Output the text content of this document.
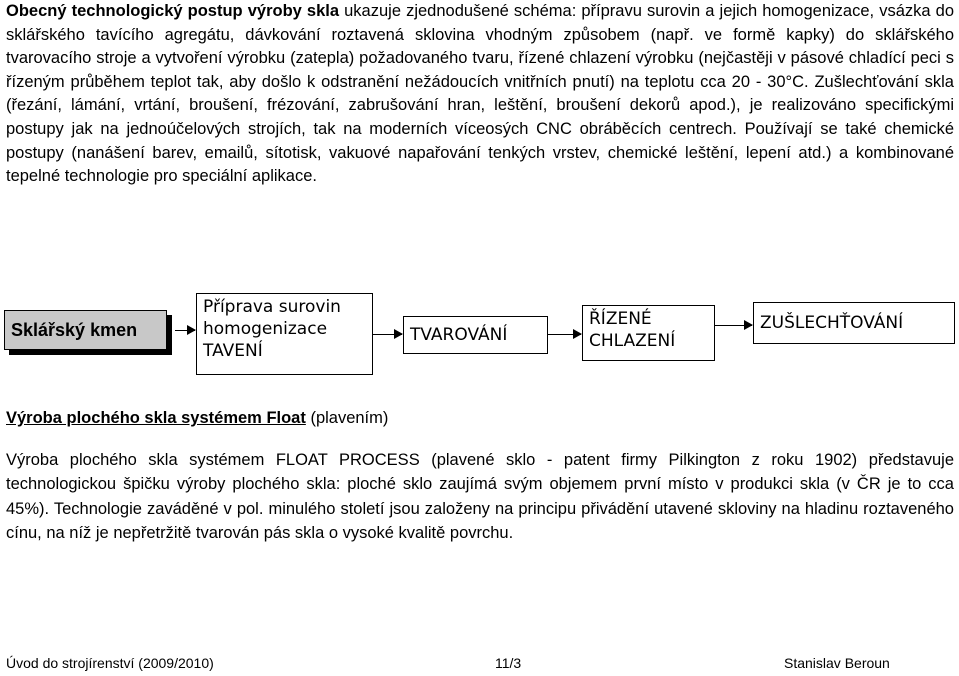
Obecný technologický postup výroby skla ukazuje zjednodušené schéma: přípravu surovin a jejich homogenizace, vsázka do sklářského tavícího agregátu, dávkování roztavená sklovina vhodným způsobem (např. ve formě kapky) do sklářského tvarovacího stroje a vytvoření výrobku (zatepla) požadovaného tvaru, řízené chlazení výrobku (nejčastěji v pásové chladící peci s řízeným průběhem teplot tak, aby došlo k odstranění nežádoucích vnitřních pnutí) na teplotu cca 20 - 30°C. Zušlechťování skla (řezání, lámání, vrtání, broušení, frézování, zabrušování hran, leštění, broušení dekorů apod.), je realizováno specifickými postupy jak na jednoúčelových strojích, tak na moderních víceosých CNC obráběcích centrech. Používají se také chemické postupy (nanášení barev, emailů, sítotisk, vakuové napařování tenkých vrstev, chemické leštění, lepení atd.) a kombinované tepelné technologie pro speciální aplikace.

Sklářský kmen
Příprava surovin
homogenizace
TAVENÍ
TVAROVÁNÍ
ŘÍZENÉ
CHLAZENÍ
ZUŠLECHŤOVÁNÍ

Výroba plochého skla systémem Float (plavením)

Výroba plochého skla systémem FLOAT PROCESS (plavené sklo - patent firmy Pilkington z roku 1902) představuje technologickou špičku výroby plochého skla: ploché sklo zaujímá svým objemem první místo v produkci skla (v ČR je to cca 45%). Technologie zaváděné v pol. minulého století jsou založeny na principu přivádění utavené skloviny na hladinu roztaveného cínu, na níž je nepřetržitě tvarován pás skla o vysoké kvalitě povrchu.

Úvod do strojírenství (2009/2010)	11/3	Stanislav Beroun
